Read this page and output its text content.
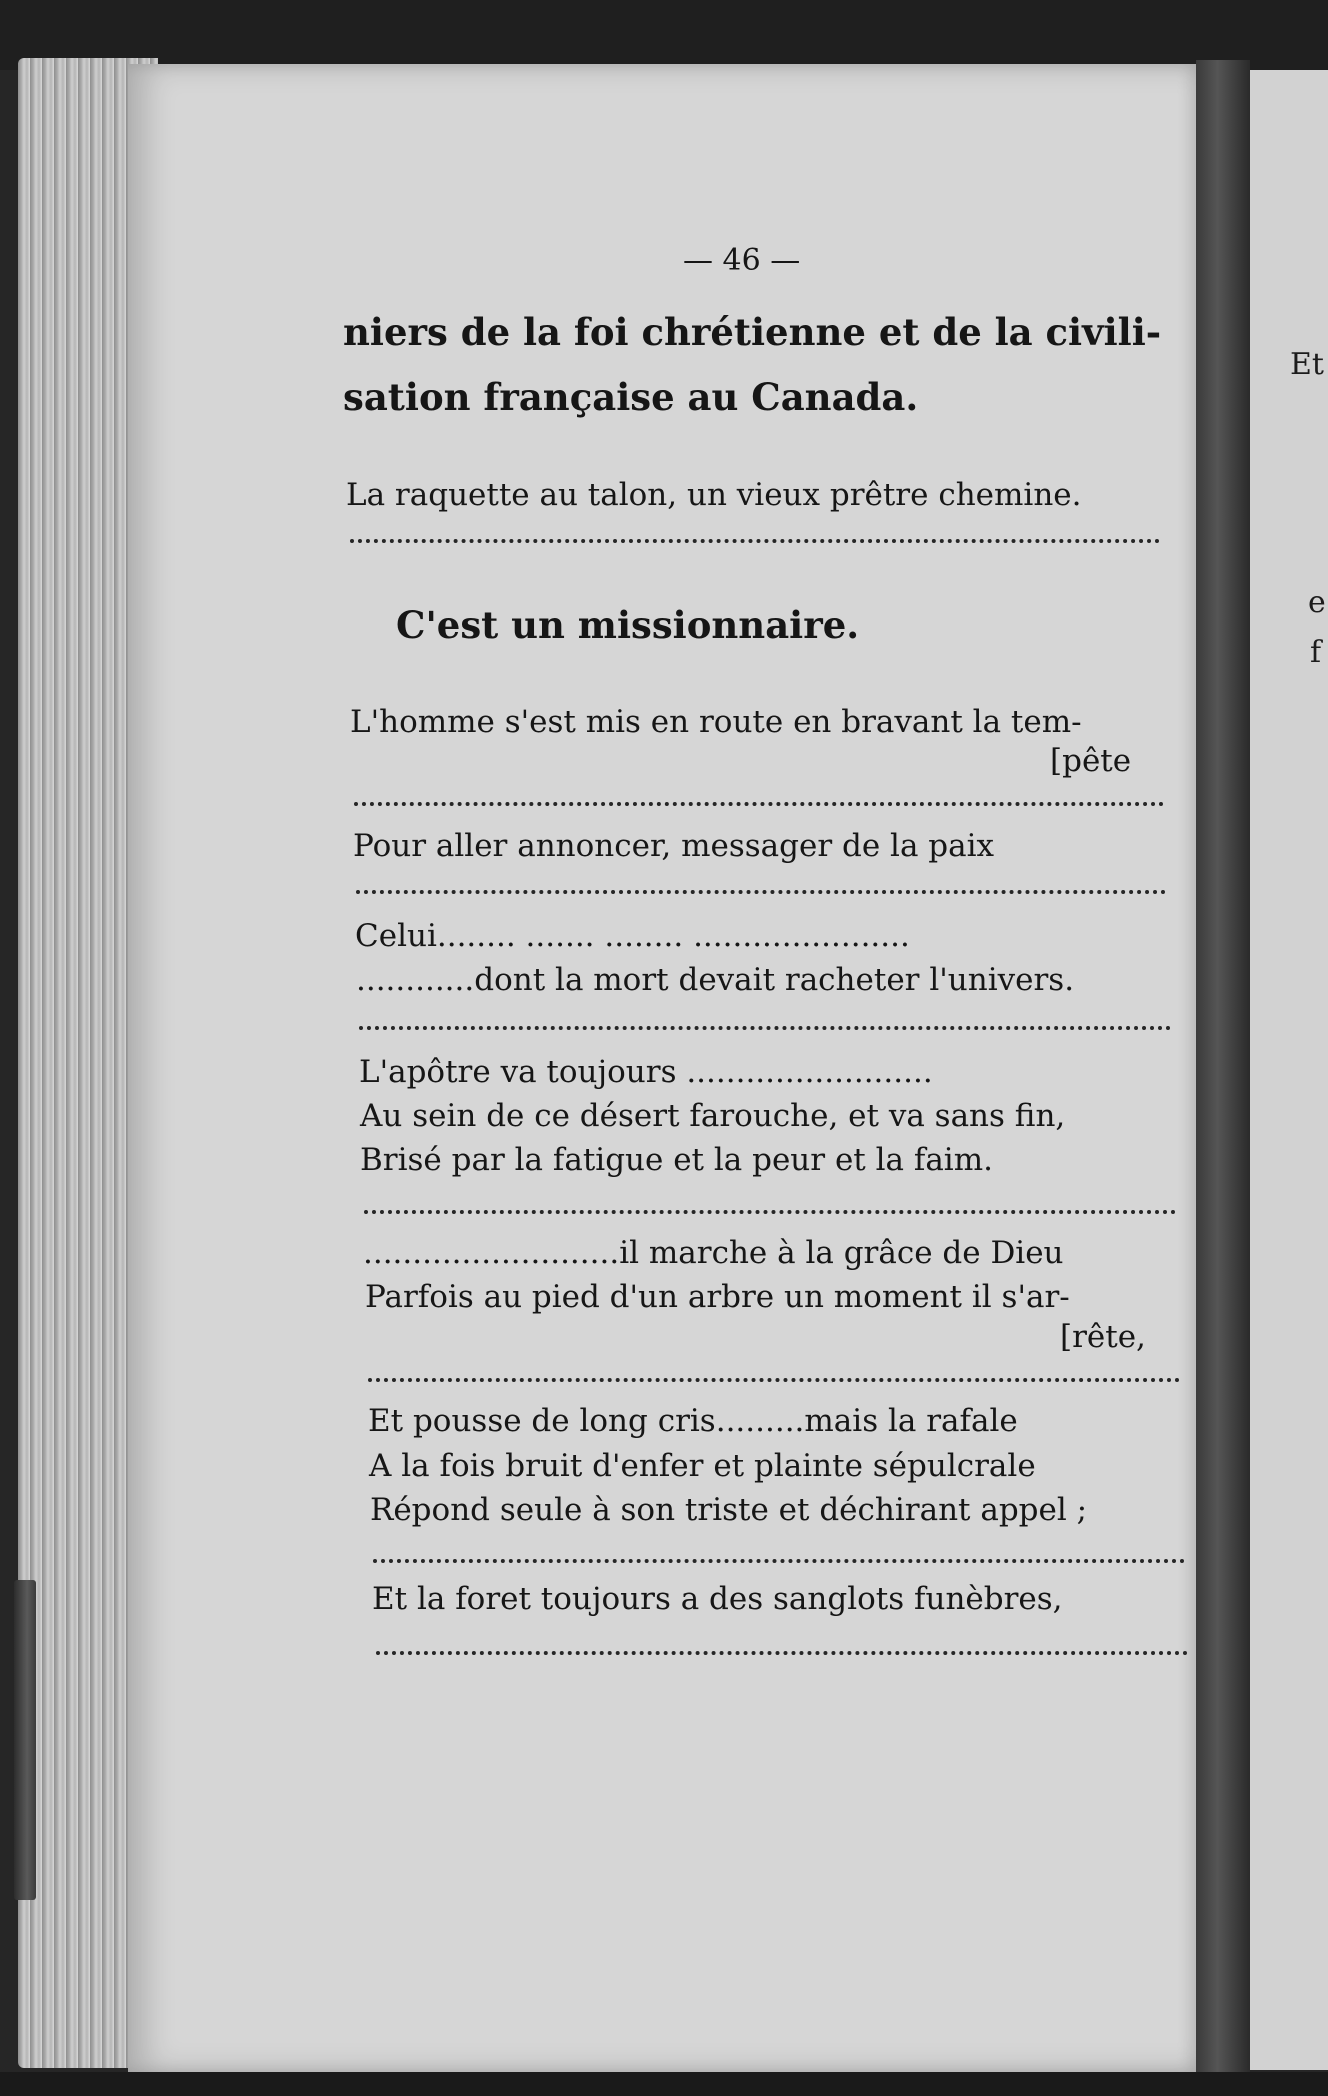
— 46 —
niers de la foi chrétienne et de la civili-
sation française au Canada.
La raquette au talon, un vieux prêtre chemine.
C'est un missionnaire.
L'homme s'est mis en route en bravant la tem-
[pête
Pour aller annoncer, messager de la paix
Celui........ ....... ........ ......................
............dont la mort devait racheter l'univers.
L'apôtre va toujours .........................
Au sein de ce désert farouche, et va sans fin,
Brisé par la fatigue et la peur et la faim.
..........................il marche à la grâce de Dieu
Parfois au pied d'un arbre un moment il s'ar-
[rête,
Et pousse de long cris.........mais la rafale
A la fois bruit d'enfer et plainte sépulcrale
Répond seule à son triste et déchirant appel ;
Et la foret toujours a des sanglots funèbres,
Et
e
f
